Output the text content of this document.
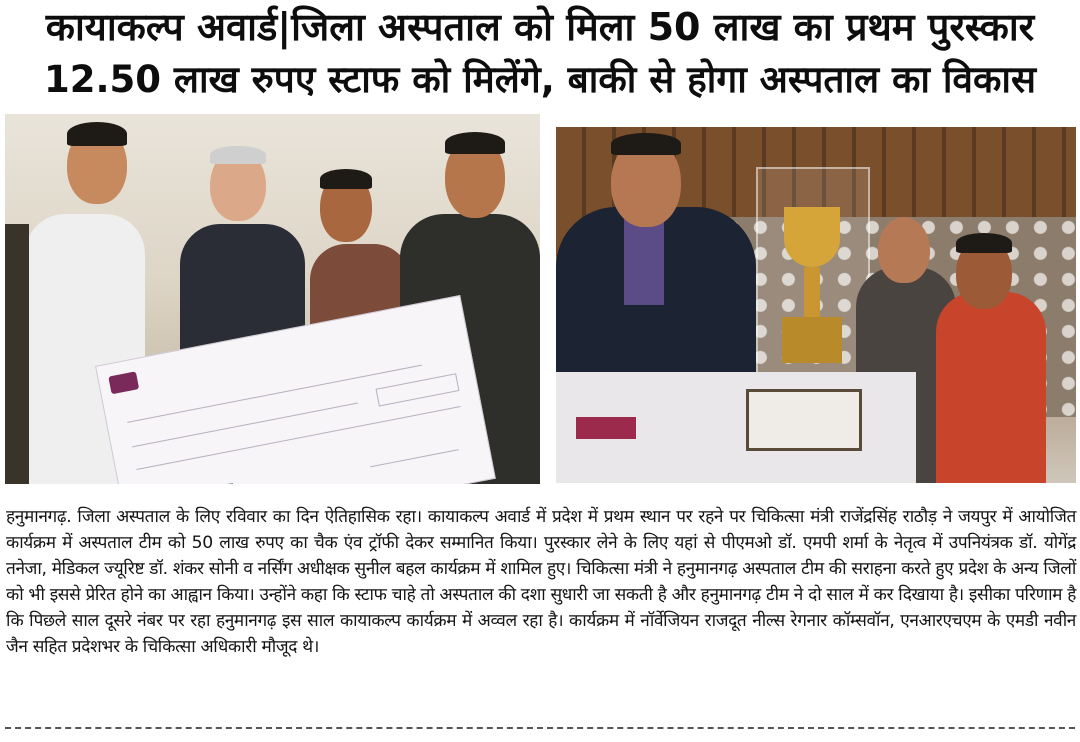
कायाकल्प अवार्ड|जिला अस्पताल को मिला 50 लाख का प्रथम पुरस्कार
12.50 लाख रुपए स्टाफ को मिलेंगे, बाकी से होगा अस्पताल का विकास
हनुमानगढ़. जिला अस्पताल के लिए रविवार का दिन ऐतिहासिक रहा। कायाकल्प अवार्ड में प्रदेश में प्रथम स्थान पर रहने पर चिकित्सा मंत्री राजेंद्रसिंह राठौड़ ने जयपुर में आयोजित कार्यक्रम में अस्पताल टीम को 50 लाख रुपए का चैक एंव ट्रॉफी देकर सम्मानित किया। पुरस्कार लेने के लिए यहां से पीएमओ डॉ. एमपी शर्मा के नेतृत्व में उपनियंत्रक डॉ. योगेंद्र तनेजा, मेडिकल ज्यूरिष्ट डॉ. शंकर सोनी व नर्सिंग अधीक्षक सुनील बहल कार्यक्रम में शामिल हुए। चिकित्सा मंत्री ने हनुमानगढ़ अस्पताल टीम की सराहना करते हुए प्रदेश के अन्य जिलों को भी इससे प्रेरित होने का आह्वान किया। उन्होंने कहा कि स्टाफ चाहे तो अस्पताल की दशा सुधारी जा सकती है और हनुमानगढ़ टीम ने दो साल में कर दिखाया है। इसीका परिणाम है कि पिछले साल दूसरे नंबर पर रहा हनुमानगढ़ इस साल कायाकल्प कार्यक्रम में अव्वल रहा है। कार्यक्रम में नॉर्वेजियन राजदूत नील्स रेगनार कॉम्सवॉन, एनआरएचएम के एमडी नवीन जैन सहित प्रदेशभर के चिकित्सा अधिकारी मौजूद थे।
